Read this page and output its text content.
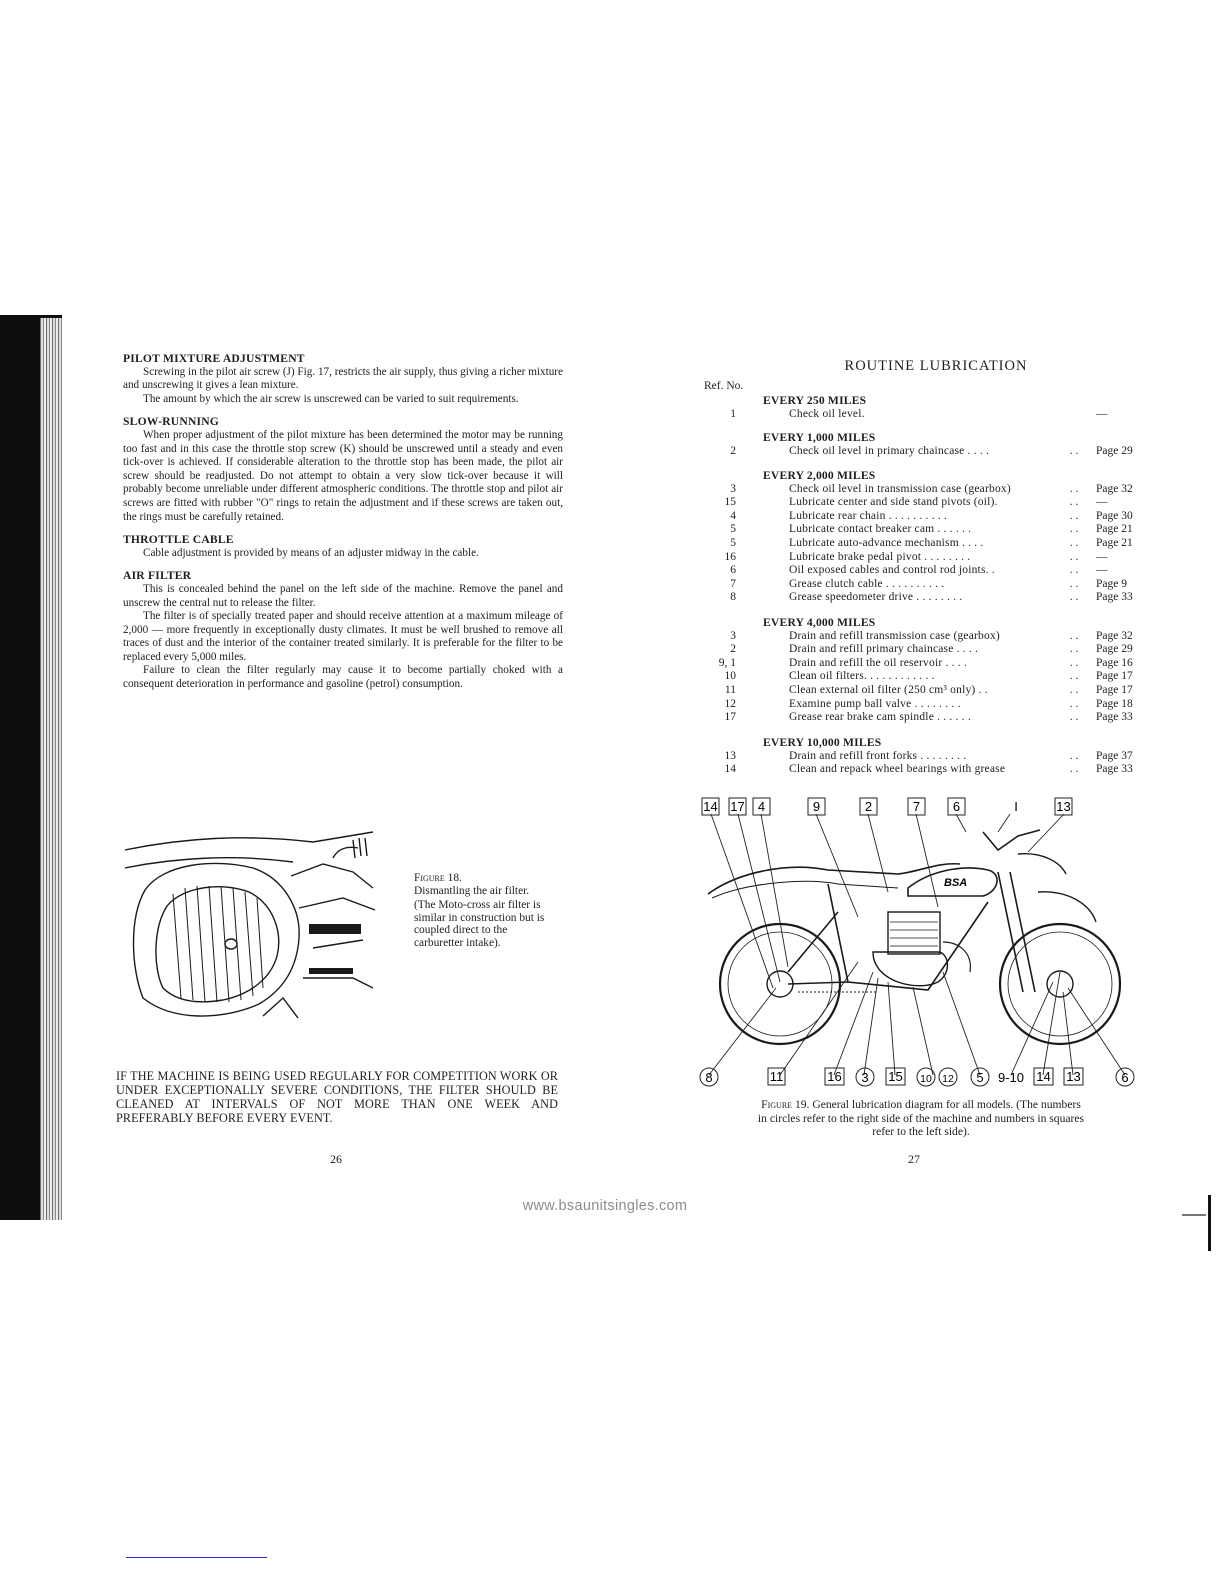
PILOT MIXTURE ADJUSTMENT

Screwing in the pilot air screw (J) Fig. 17, restricts the air supply, thus giving a richer mixture and unscrewing it gives a lean mixture.

The amount by which the air screw is unscrewed can be varied to suit requirements.

SLOW-RUNNING

When proper adjustment of the pilot mixture has been determined the motor may be running too fast and in this case the throttle stop screw (K) should be unscrewed until a steady and even tick-over is achieved. If considerable alteration to the throttle stop has been made, the pilot air screw should be readjusted. Do not attempt to obtain a very slow tick-over because it will probably become unreliable under different atmospheric conditions. The throttle stop and pilot air screws are fitted with rubber "O" rings to retain the adjustment and if these screws are taken out, the rings must be carefully retained.

THROTTLE CABLE

Cable adjustment is provided by means of an adjuster midway in the cable.

AIR FILTER

This is concealed behind the panel on the left side of the machine. Remove the panel and unscrew the central nut to release the filter.

The filter is of specially treated paper and should receive attention at a maximum mileage of 2,000 — more frequently in exceptionally dusty climates. It must be well brushed to remove all traces of dust and the interior of the container treated similarly. It is preferable for the filter to be replaced every 5,000 miles.

Failure to clean the filter regularly may cause it to become partially choked with a consequent deterioration in performance and gasoline (petrol) consumption.

Figure 18.
Dismantling the air filter.
(The Moto-cross air filter is similar in construction but is coupled direct to the carburetter intake).
IF THE MACHINE IS BEING USED REGULARLY FOR COMPETITION WORK OR UNDER EXCEPTIONALLY SEVERE CONDITIONS, THE FILTER SHOULD BE CLEANED AT INTERVALS OF NOT MORE THAN ONE WEEK AND PREFERABLY BEFORE EVERY EVENT.
26
ROUTINE LUBRICATION
Ref. No.
EVERY 250 MILES
1	Check oil level.	—
EVERY 1,000 MILES
2	Check oil level in primary chaincase . . . .	. .	Page 29
EVERY 2,000 MILES
3	Check oil level in transmission case (gearbox)	. .	Page 32
15	Lubricate center and side stand pivots (oil).	. .	—
4	Lubricate rear chain . . . . . . . . . .	. .	Page 30
5	Lubricate contact breaker cam . . . . . .	. .	Page 21
5	Lubricate auto-advance mechanism . . . .	. .	Page 21
16	Lubricate brake pedal pivot . . . . . . . .	. .	—
6	Oil exposed cables and control rod joints. .	. .	—
7	Grease clutch cable . . . . . . . . . .	. .	Page 9
8	Grease speedometer drive . . . . . . . .	. .	Page 33
EVERY 4,000 MILES
3	Drain and refill transmission case (gearbox)	. .	Page 32
2	Drain and refill primary chaincase . . . .	. .	Page 29
9, 1	Drain and refill the oil reservoir . . . .	. .	Page 16
10	Clean oil filters. . . . . . . . . . . .	. .	Page 17
11	Clean external oil filter (250 cm³ only) . .	. .	Page 17
12	Examine pump ball valve . . . . . . . .	. .	Page 18
17	Grease rear brake cam spindle . . . . . .	. .	Page 33
EVERY 10,000 MILES
13	Drain and refill front forks . . . . . . . .	. .	Page 37
14	Clean and repack wheel bearings with grease	. .	Page 33
BSA
14 17 4	9	2	7	6	I	13
8	11	16 3 15 10 12 5 9-10 14 13	6
Figure 19. General lubrication diagram for all models. (The numbers in circles refer to the right side of the machine and numbers in squares refer to the left side).
27
www.bsaunitsingles.com
